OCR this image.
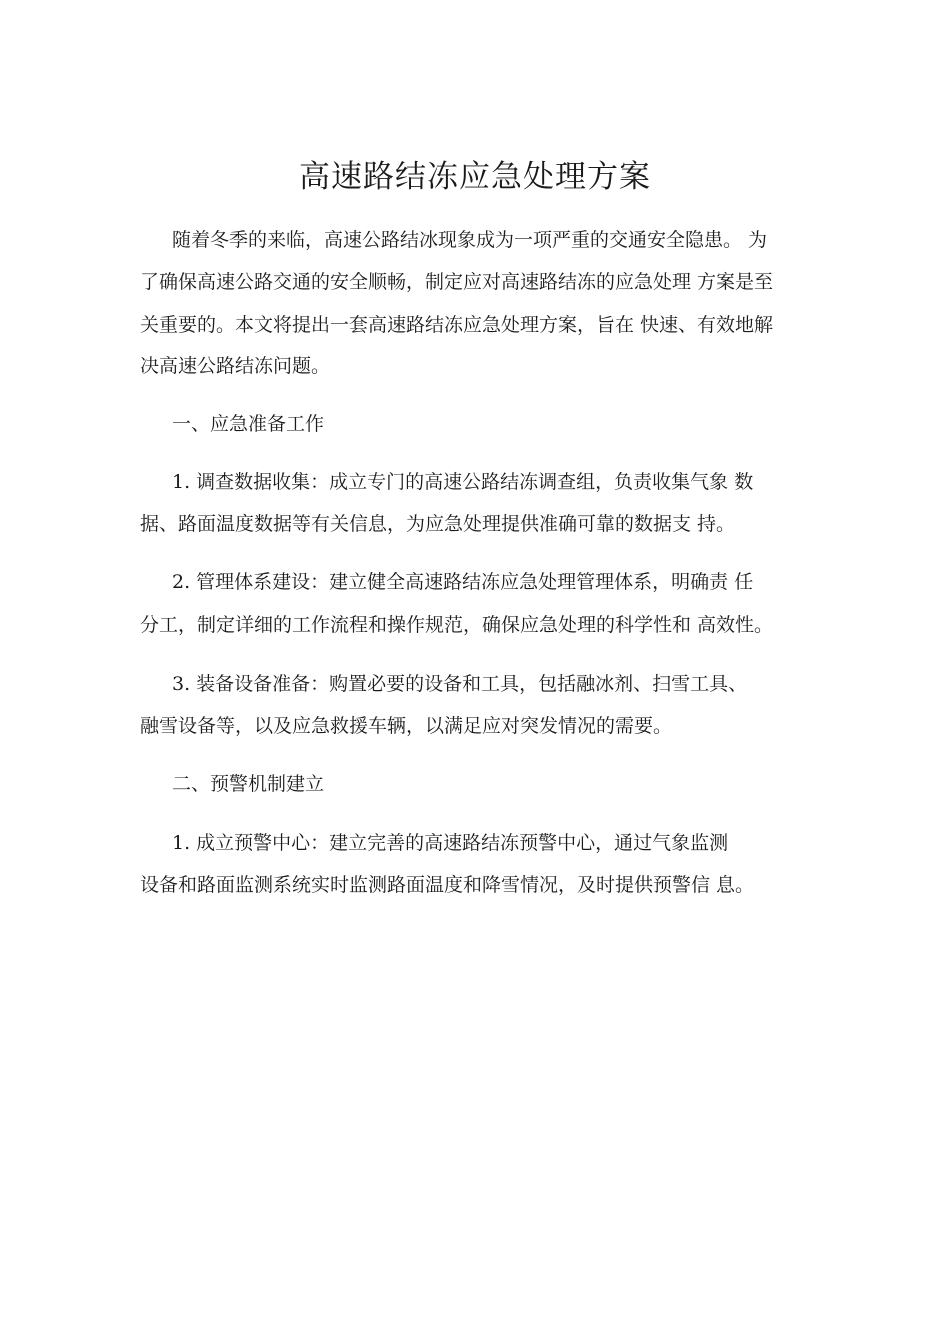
高速路结冻应急处理方案
随着冬季的来临，高速公路结冰现象成为一项严重的交通安全隐患。 为
了确保高速公路交通的安全顺畅，制定应对高速路结冻的应急处理 方案是至
关重要的。本文将提出一套高速路结冻应急处理方案，旨在 快速、有效地解
决高速公路结冻问题。
一、应急准备工作
1. 调查数据收集：成立专门的高速公路结冻调查组，负责收集气象 数
据、路面温度数据等有关信息，为应急处理提供准确可靠的数据支 持。
2. 管理体系建设：建立健全高速路结冻应急处理管理体系，明确责 任
分工，制定详细的工作流程和操作规范，确保应急处理的科学性和 高效性。
3. 装备设备准备：购置必要的设备和工具，包括融冰剂、扫雪工具、
融雪设备等，以及应急救援车辆，以满足应对突发情况的需要。
二、预警机制建立
1. 成立预警中心：建立完善的高速路结冻预警中心，通过气象监测
设备和路面监测系统实时监测路面温度和降雪情况，及时提供预警信 息。
